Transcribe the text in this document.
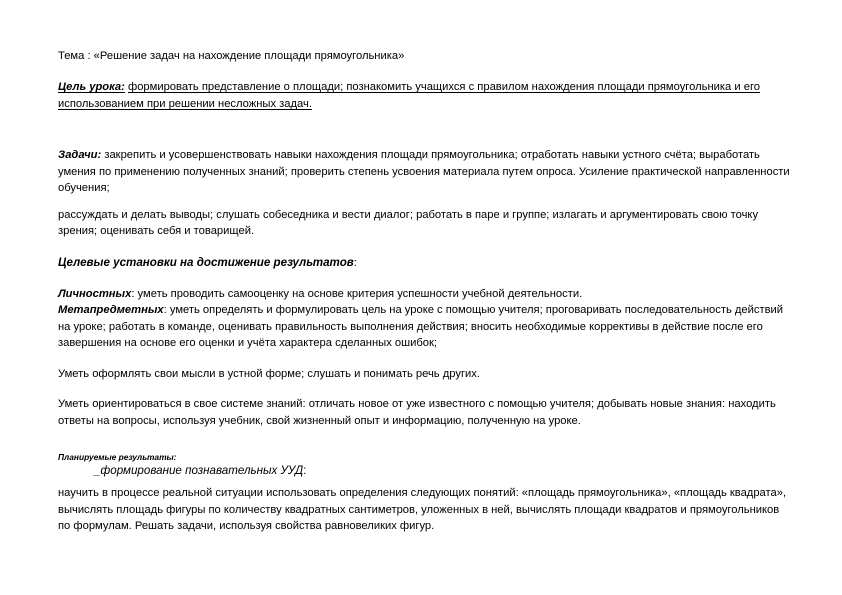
Тема : «Решение задач на нахождение площади прямоугольника»

Цель урока: формировать представление о площади; познакомить учащихся с правилом нахождения площади прямоугольника и его использованием при решении несложных задач.

Задачи: закрепить и усовершенствовать навыки нахождения площади прямоугольника; отработать навыки устного счёта; выработать умения по применению полученных знаний; проверить степень усвоения материала путем опроса. Усиление практической направленности обучения;

рассуждать и делать выводы; слушать собеседника и вести диалог; работать в паре и группе; излагать и аргументировать свою точку зрения; оценивать себя и товарищей.

Целевые установки на достижение результатов:

Личностных: уметь проводить самооценку на основе критерия успешности учебной деятельности.

Метапредметных: уметь определять и формулировать цель на уроке с помощью учителя; проговаривать последовательность действий на уроке; работать в команде, оценивать правильность выполнения действия; вносить необходимые коррективы в действие после его завершения на основе его оценки и учёта характера сделанных ошибок;

Уметь оформлять свои мысли в устной форме; слушать и понимать речь других.

Уметь ориентироваться в свое системе знаний: отличать новое от уже известного с помощью учителя; добывать новые знания: находить ответы на вопросы, используя учебник, свой жизненный опыт и информацию, полученную на уроке.

Планируемые результаты:

_формирование познавательных УУД:

научить в процессе реальной ситуации использовать определения следующих понятий: «площадь прямоугольника», «площадь квадрата», вычислять площадь фигуры по количеству квадратных сантиметров, уложенных в ней, вычислять площади квадратов и прямоугольников по формулам. Решать задачи, используя свойства равновеликих фигур.
